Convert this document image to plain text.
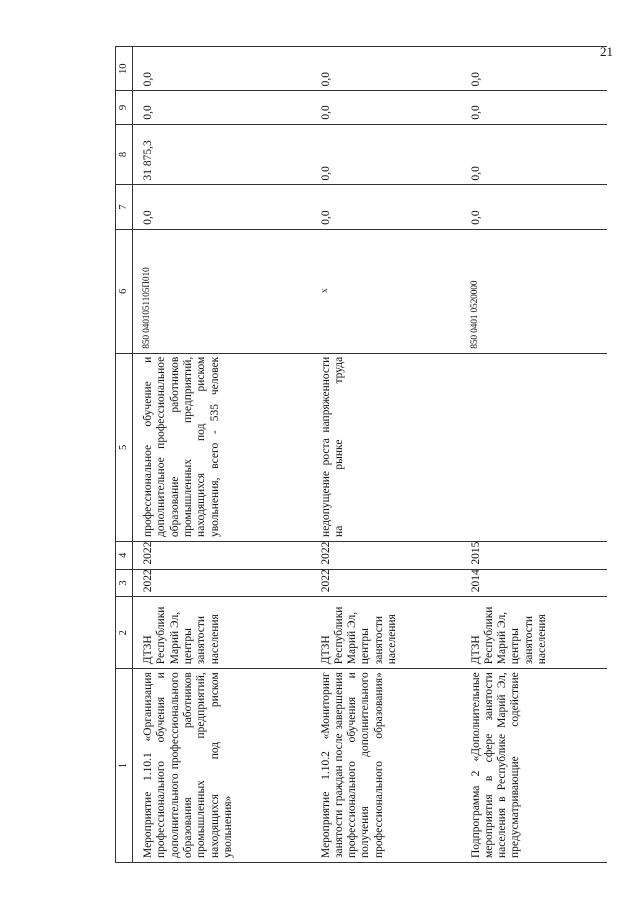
21
1	2	3	4	5	6	7	8	9	10
Мероприятие 1.10.1 «Организация профессионального обучения и дополнительного профессионального образования работников промышленных предприятий, находящихся под риском увольнения»	ДТЗН Республики Марий Эл, центры занятости населения	2022	2022	профессиональное обучение и дополнительное профессиональное образование работников промышленных предприятий, находящихся под риском увольнения, всего - 535 человек	850 0401051105П010	0,0	31 875,3	0,0	0,0
Мероприятие 1.10.2 «Мониторинг занятости граждан после завершения профессионального обучения и получения дополнительного профессионального образования»	ДТЗН Республики Марий Эл, центры занятости населения	2022	2022	недопущение роста напряженности на рынке труда	х	0,0	0,0	0,0	0,0
Подпрограмма 2 «Дополнительные мероприятия в сфере занятости населения в Республике Марий Эл, предусматривающие содействие	ДТЗН Республики Марий Эл, центры занятости населения	2014	2015		850 0401 0520000	0,0	0,0	0,0	0,0
